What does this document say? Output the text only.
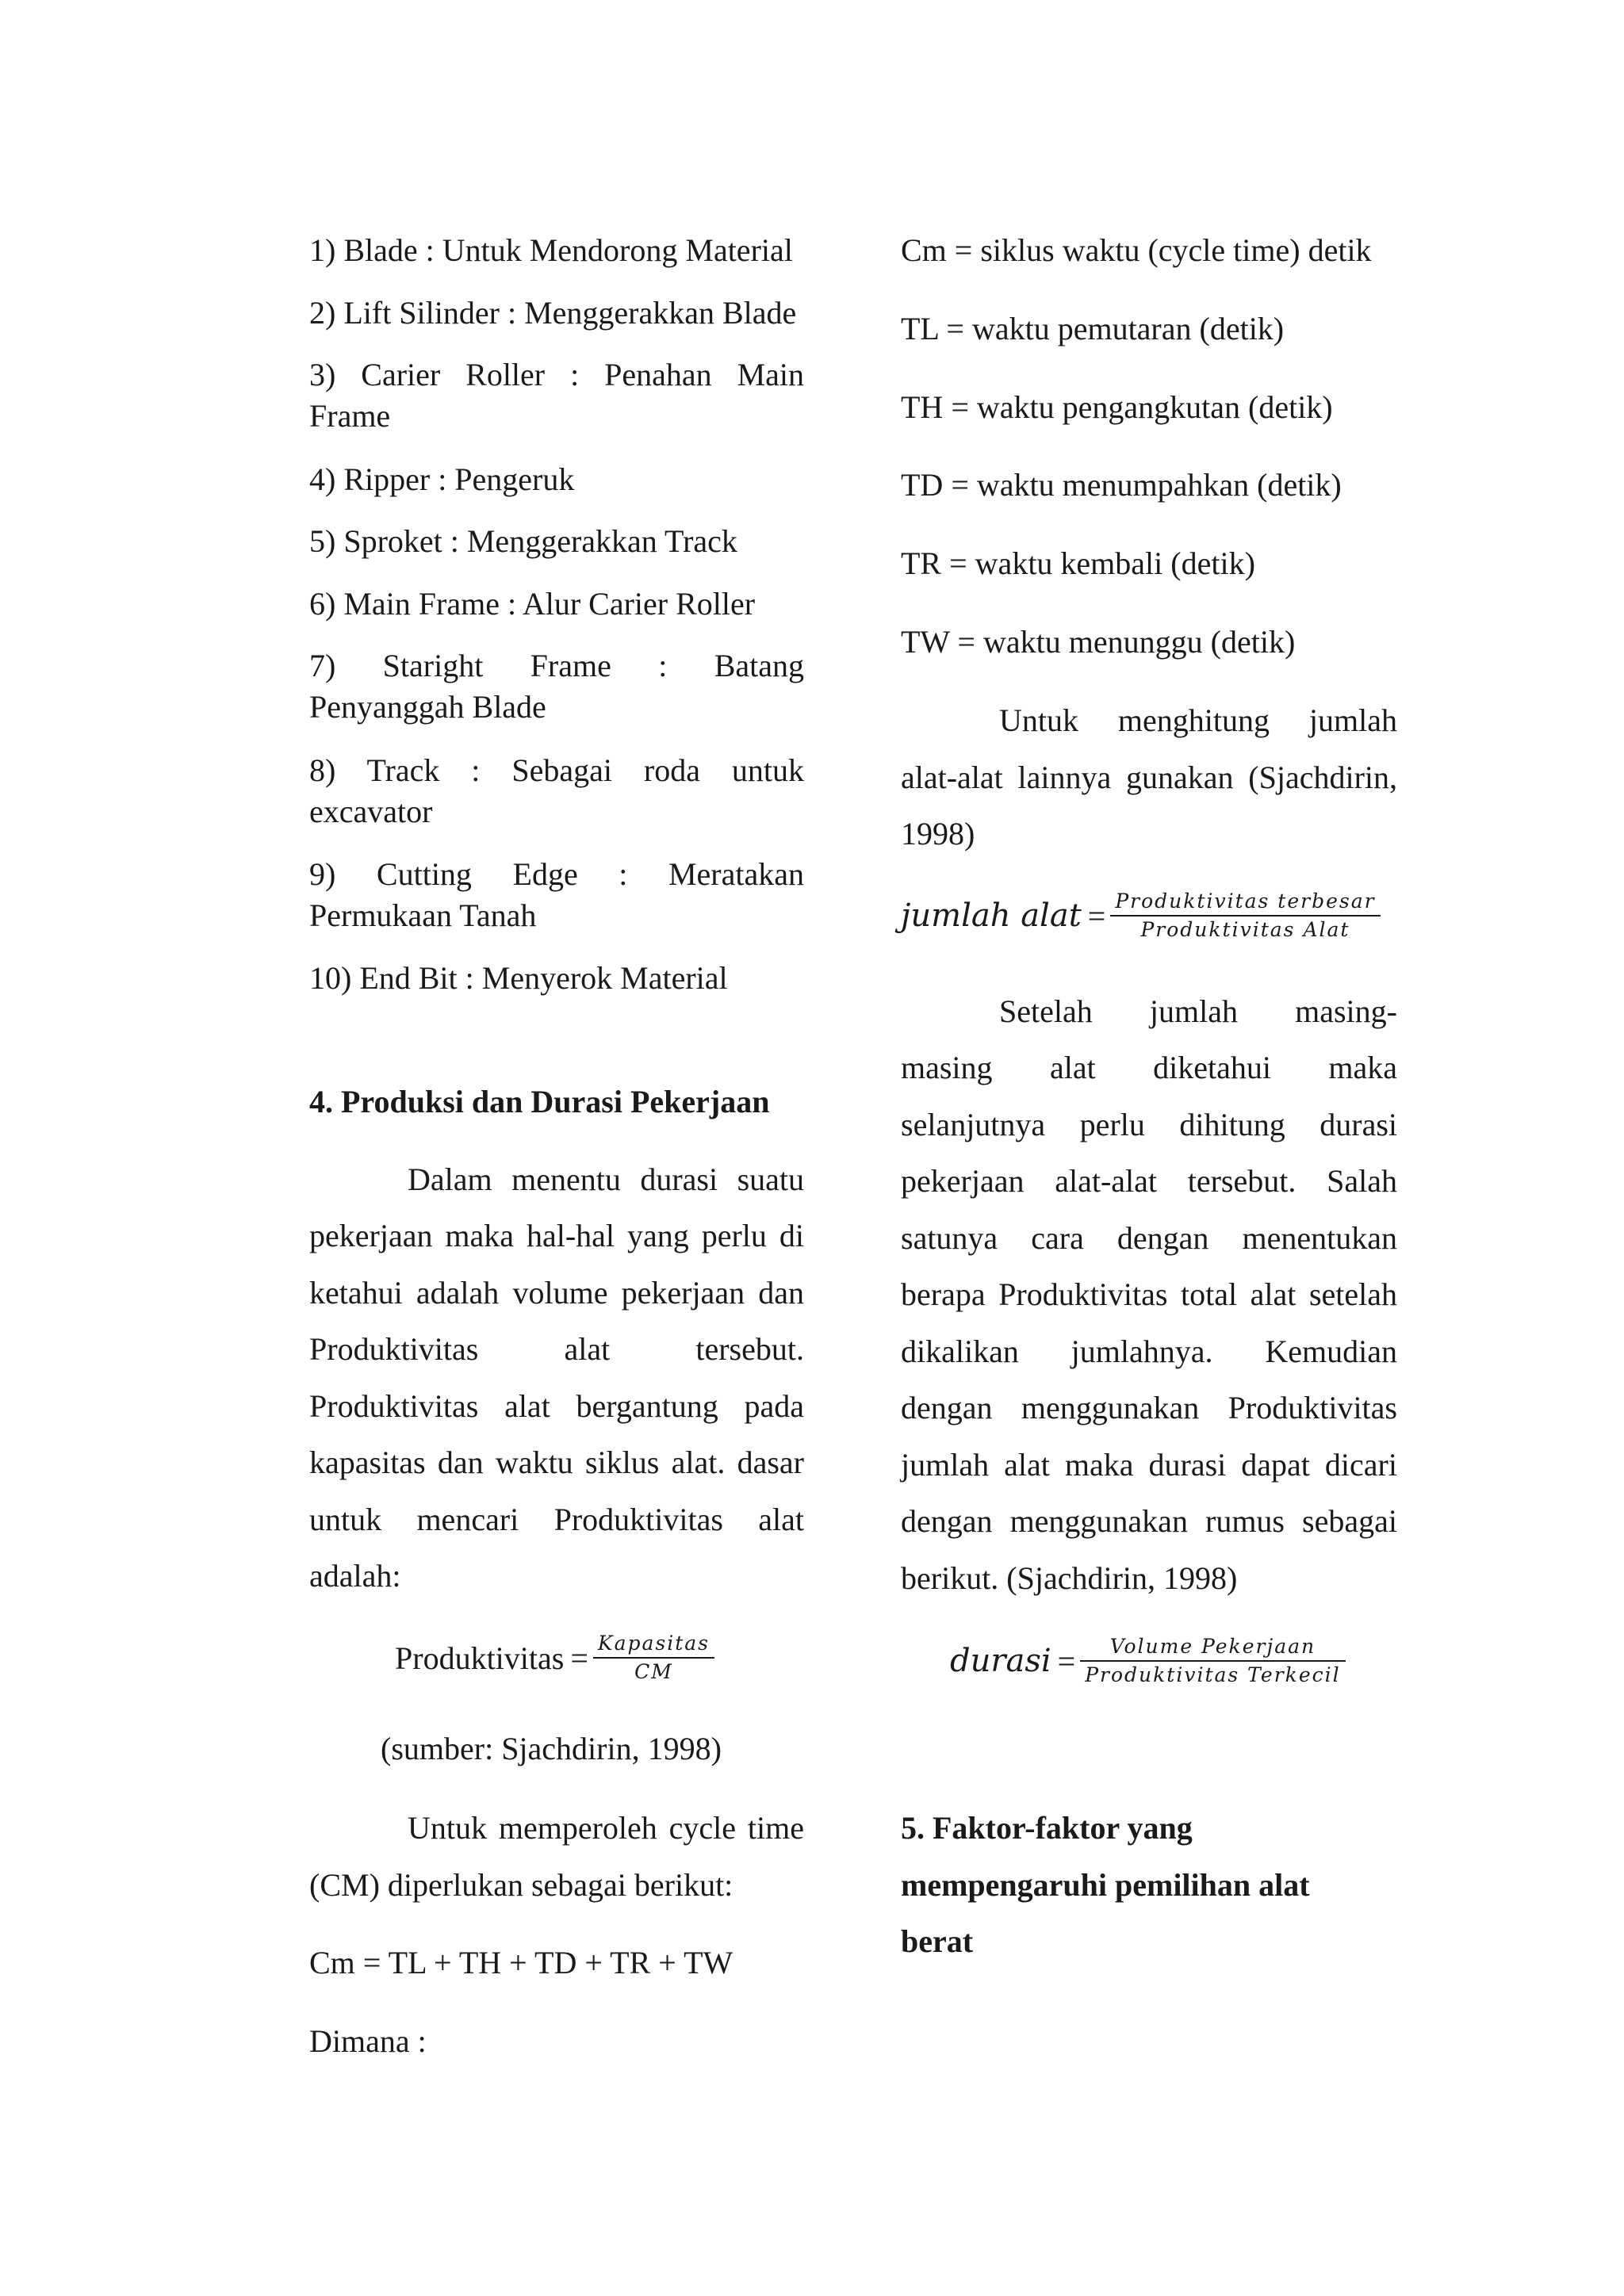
1) Blade : Untuk Mendorong Material
2) Lift Silinder : Menggerakkan Blade
3) Carier Roller : Penahan Main
Frame
4) Ripper : Pengeruk
5) Sproket : Menggerakkan Track
6) Main Frame : Alur Carier Roller
7) Staright Frame : Batang
Penyanggah Blade
8) Track : Sebagai roda untuk
excavator
9) Cutting Edge : Meratakan
Permukaan Tanah
10) End Bit : Menyerok Material
4. Produksi dan Durasi Pekerjaan
Dalam menentu durasi suatu
pekerjaan maka hal-hal yang perlu di
ketahui adalah volume pekerjaan dan
Produktivitas alat tersebut.
Produktivitas alat bergantung pada
kapasitas dan waktu siklus alat. dasar
untuk mencari Produktivitas alat
adalah:
Produktivitas = $\frac{\text{Kapasitas}}{CM}$
(sumber: Sjachdirin, 1998)
Untuk memperoleh cycle time
(CM) diperlukan sebagai berikut:
Cm = TL + TH + TD + TR + TW
Dimana :
Cm = siklus waktu (cycle time) detik
TL = waktu pemutaran (detik)
TH = waktu pengangkutan (detik)
TD = waktu menumpahkan (detik)
TR = waktu kembali (detik)
TW = waktu menunggu (detik)
Untuk menghitung jumlah
alat-alat lainnya gunakan (Sjachdirin,
1998)
jumlah alat = $\frac{\text{Produktivitas terbesar}}{\text{Produktivitas Alat}}$
Setelah jumlah masing-
masing alat diketahui maka
selanjutnya perlu dihitung durasi
pekerjaan alat-alat tersebut. Salah
satunya cara dengan menentukan
berapa Produktivitas total alat setelah
dikalikan jumlahnya. Kemudian
dengan menggunakan Produktivitas
jumlah alat maka durasi dapat dicari
dengan menggunakan rumus sebagai
berikut. (Sjachdirin, 1998)
durasi = $\frac{\text{Volume Pekerjaan}}{\text{Produktivitas Terkecil}}$
5. Faktor-faktor yang
mempengaruhi pemilihan alat
berat
